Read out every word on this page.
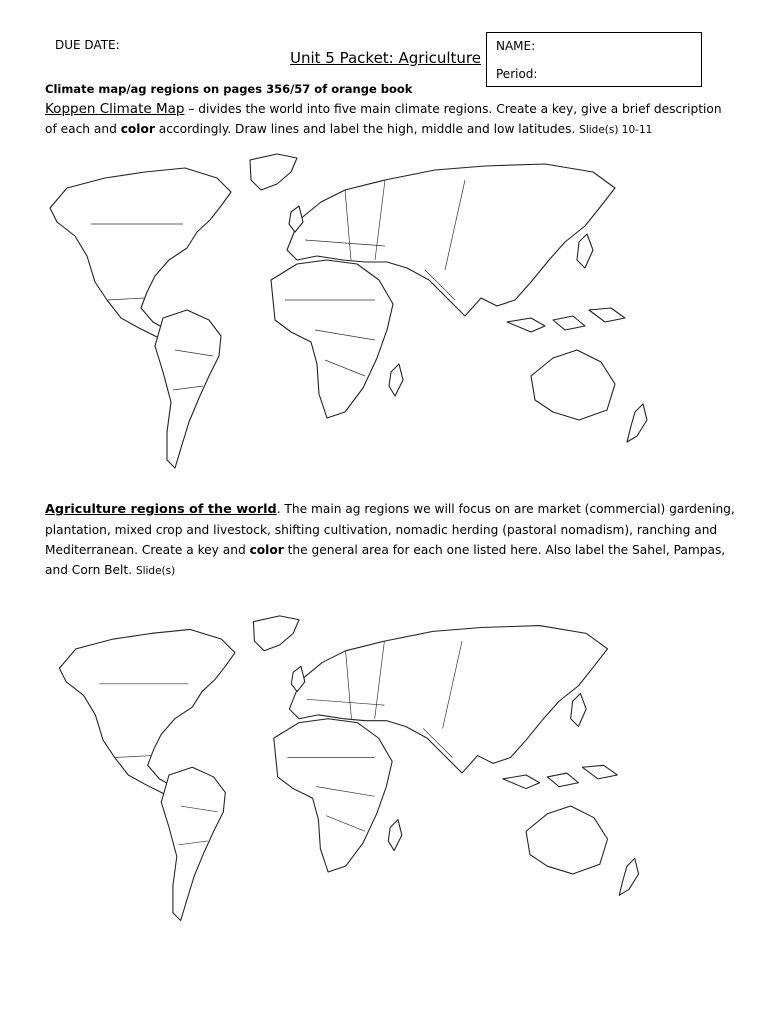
DUE DATE:
Unit 5 Packet: Agriculture
NAME:
Period:
Climate map/ag regions on pages 356/57 of orange book
Koppen Climate Map – divides the world into five main climate regions. Create a key, give a brief description of each and color accordingly. Draw lines and label the high, middle and low latitudes. Slide(s) 10-11
Agriculture regions of the world. The main ag regions we will focus on are market (commercial) gardening, plantation, mixed crop and livestock, shifting cultivation, nomadic herding (pastoral nomadism), ranching and Mediterranean. Create a key and color the general area for each one listed here. Also label the Sahel, Pampas, and Corn Belt. Slide(s)
